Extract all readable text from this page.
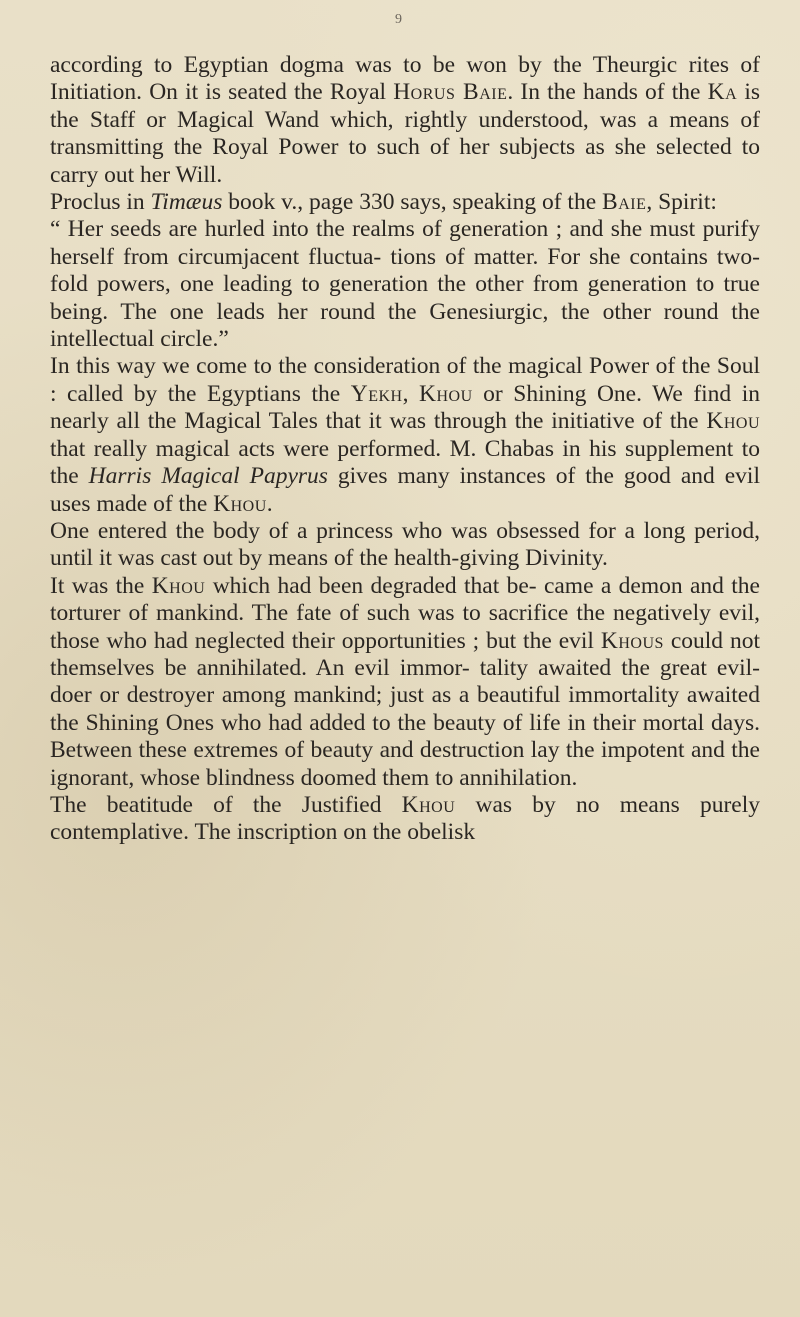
9

according to Egyptian dogma was to be won by the Theurgic rites of Initiation. On it is seated the Royal Horus Baie. In the hands of the Ka is the Staff or Magical Wand which, rightly understood, was a means of transmitting the Royal Power to such of her subjects as she selected to carry out her Will.

Proclus in Timæus book v., page 330 says, speaking of the Baie, Spirit:

“ Her seeds are hurled into the realms of generation ; and she must purify herself from circumjacent fluctua- tions of matter. For she contains two-fold powers, one leading to generation the other from generation to true being. The one leads her round the Genesiurgic, the other round the intellectual circle.”

In this way we come to the consideration of the magical Power of the Soul : called by the Egyptians the Yekh, Khou or Shining One. We find in nearly all the Magical Tales that it was through the initiative of the Khou that really magical acts were performed. M. Chabas in his supplement to the Harris Magical Papyrus gives many instances of the good and evil uses made of the Khou.

One entered the body of a princess who was obsessed for a long period, until it was cast out by means of the health-giving Divinity.

It was the Khou which had been degraded that be- came a demon and the torturer of mankind. The fate of such was to sacrifice the negatively evil, those who had neglected their opportunities ; but the evil Khous could not themselves be annihilated. An evil immor- tality awaited the great evil-doer or destroyer among mankind; just as a beautiful immortality awaited the Shining Ones who had added to the beauty of life in their mortal days. Between these extremes of beauty and destruction lay the impotent and the ignorant, whose blindness doomed them to annihilation.

The beatitude of the Justified Khou was by no means purely contemplative. The inscription on the obelisk
